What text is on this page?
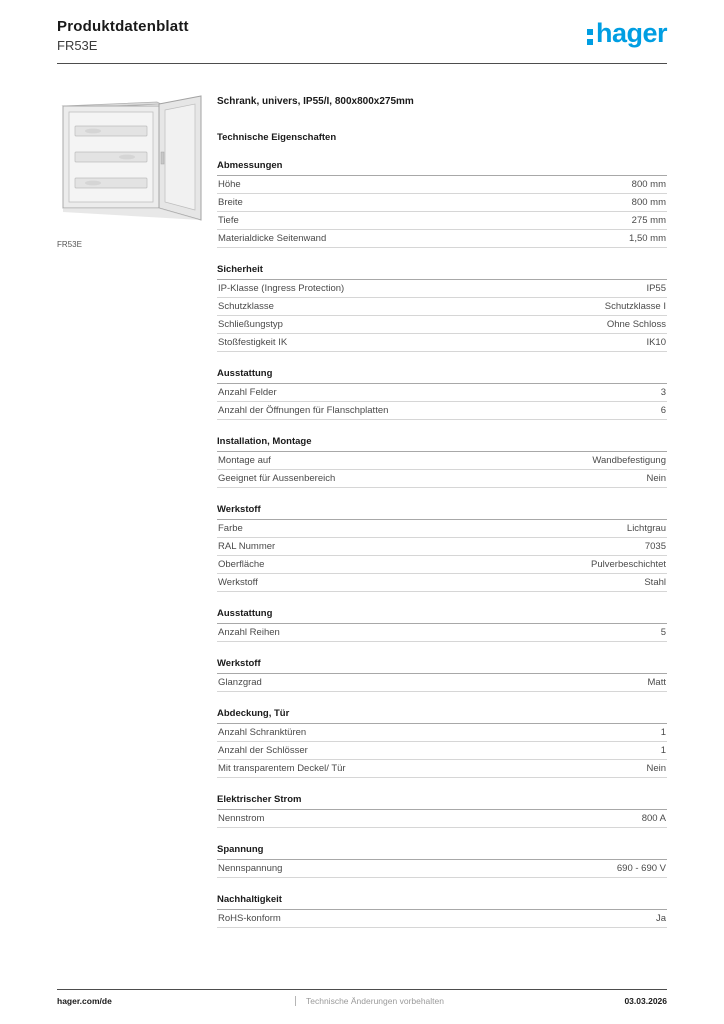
Produktdatenblatt
FR53E	hager
FR53E
Schrank, univers, IP55/I, 800x800x275mm
Technische Eigenschaften
Abmessungen
Höhe	800 mm
Breite	800 mm
Tiefe	275 mm
Materialdicke Seitenwand	1,50 mm
Sicherheit
IP-Klasse (Ingress Protection)	IP55
Schutzklasse	Schutzklasse I
Schließungstyp	Ohne Schloss
Stoßfestigkeit IK	IK10
Ausstattung
Anzahl Felder	3
Anzahl der Öffnungen für Flanschplatten	6
Installation, Montage
Montage auf	Wandbefestigung
Geeignet für Aussenbereich	Nein
Werkstoff
Farbe	Lichtgrau
RAL Nummer	7035
Oberfläche	Pulverbeschichtet
Werkstoff	Stahl
Ausstattung
Anzahl Reihen	5
Werkstoff
Glanzgrad	Matt
Abdeckung, Tür
Anzahl Schranktüren	1
Anzahl der Schlösser	1
Mit transparentem Deckel/ Tür	Nein
Elektrischer Strom
Nennstrom	800 A
Spannung
Nennspannung	690 - 690 V
Nachhaltigkeit
RoHS-konform	Ja
hager.com/de	Technische Änderungen vorbehalten	03.03.2026
